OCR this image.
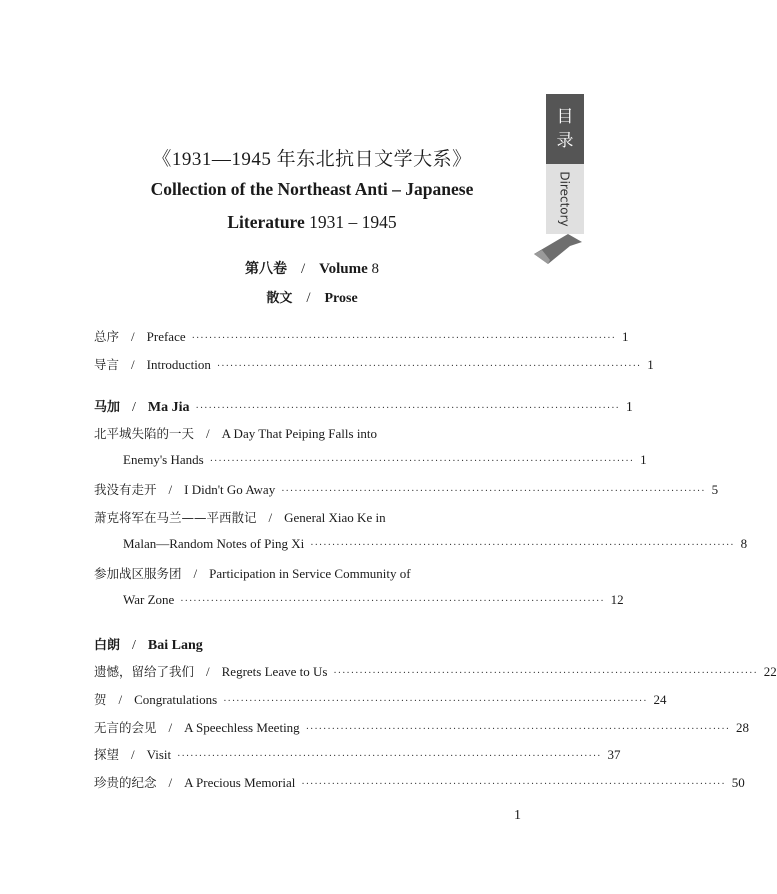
目
录
Directory
《1931—1945 年东北抗日文学大系》
Collection of the Northeast Anti – Japanese
Literature 1931 – 1945
第八卷 / Volume 8
散文 / Prose
总序 / Preface ·································································································· 1
导言 / Introduction ·································································································· 1
马加 / Ma Jia ·································································································· 1
北平城失陷的一天 / A Day That Peiping Falls into
Enemy's Hands ·································································································· 1
我没有走开 / I Didn't Go Away ·································································································· 5
萧克将军在马兰——平西散记 / General Xiao Ke in
Malan—Random Notes of Ping Xi ·································································································· 8
参加战区服务团 / Participation in Service Community of
War Zone ·································································································· 12
白朗 / Bai Lang
遗憾，留给了我们 / Regrets Leave to Us ·································································································· 22
贺 / Congratulations ·································································································· 24
无言的会见 / A Speechless Meeting ·································································································· 28
探望 / Visit ·································································································· 37
珍贵的纪念 / A Precious Memorial ·································································································· 50
1
